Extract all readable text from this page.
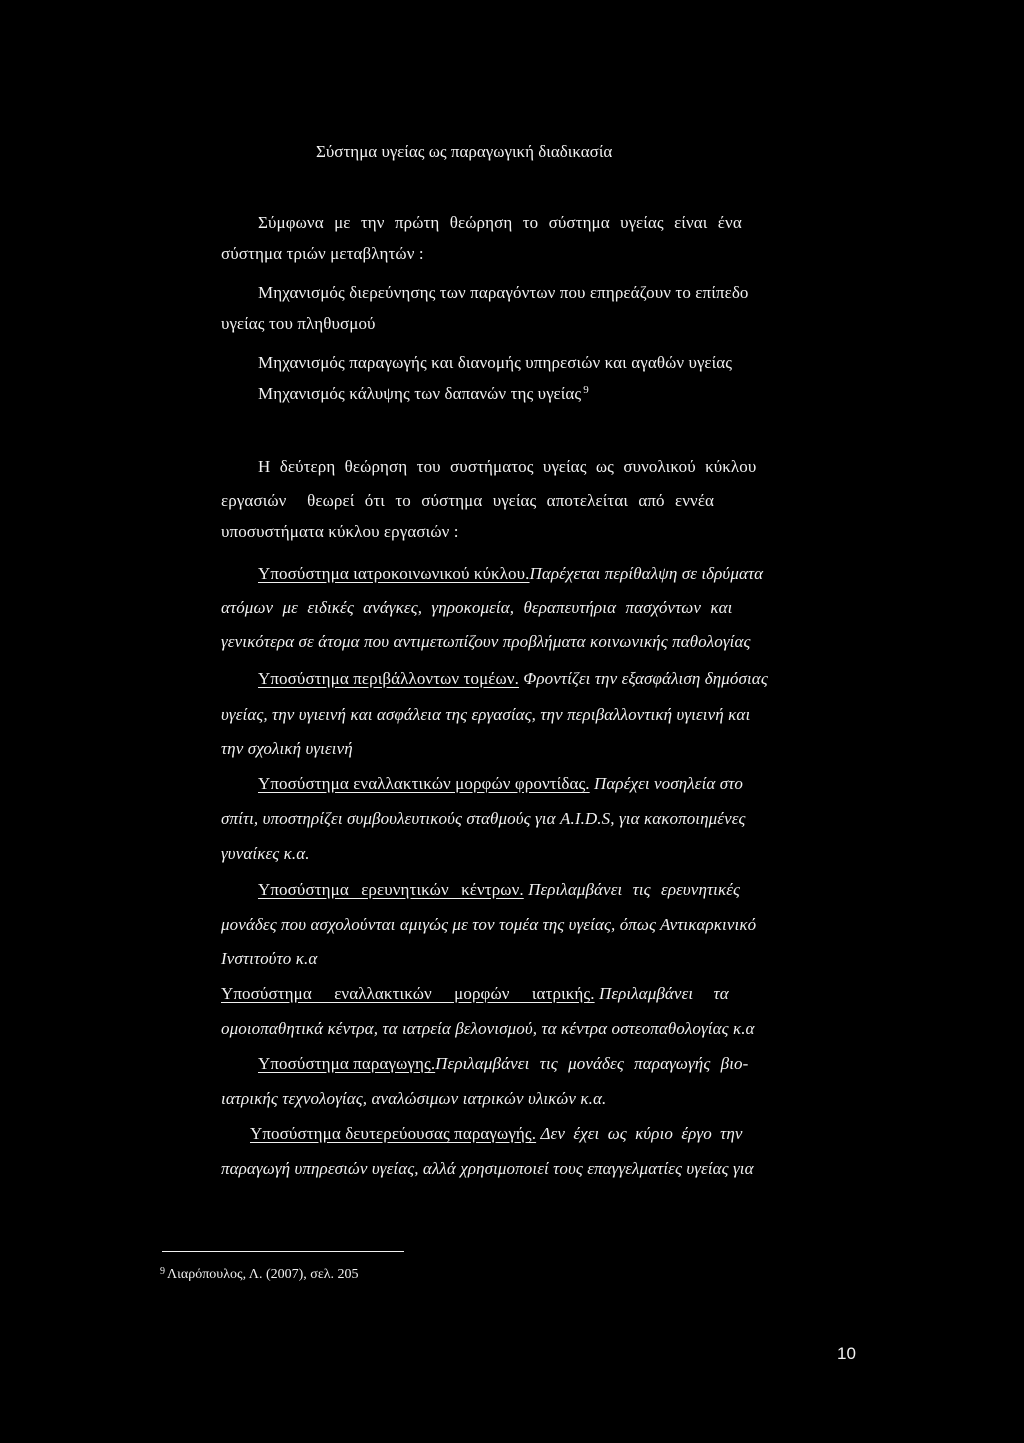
Σύστημα υγείας ως παραγωγική διαδικασία
Σύμφωνα με την πρώτη θεώρηση το σύστημα υγείας είναι ένα
σύστημα τριών μεταβλητών :
Μηχανισμός διερεύνησης των παραγόντων που επηρεάζουν το επίπεδο
υγείας του πληθυσμού
Μηχανισμός παραγωγής και διανομής υπηρεσιών και αγαθών υγείας
Μηχανισμός κάλυψης των δαπανών της υγείας $^9$
Η δεύτερη θεώρηση του συστήματος υγείας ως συνολικού κύκλου
εργασιών  θεωρεί ότι το σύστημα υγείας αποτελείται από εννέα
υποσυστήματα κύκλου εργασιών :
Υποσύστημα ιατροκοινωνικού κύκλου.Παρέχεται περίθαλψη σε ιδρύματα
ατόμων με ειδικές ανάγκες, γηροκομεία, θεραπευτήρια πασχόντων και
γενικότερα σε άτομα που αντιμετωπίζουν προβλήματα κοινωνικής παθολογίας
Υποσύστημα περιβάλλοντων τομέων. Φροντίζει την εξασφάλιση δημόσιας
υγείας, την υγιεινή και ασφάλεια της εργασίας, την περιβαλλοντική υγιεινή και
την σχολική υγιεινή
Υποσύστημα εναλλακτικών μορφών φροντίδας. Παρέχει νοσηλεία στο
σπίτι, υποστηρίζει συμβουλευτικούς σταθμούς για A.I.D.S, για κακοποιημένες
γυναίκες κ.α.
Υποσύστημα ερευνητικών κέντρων. Περιλαμβάνει τις ερευνητικές
μονάδες που ασχολούνται αμιγώς με τον τομέα της υγείας, όπως Αντικαρκινικό
Ινστιτούτο κ.α
Υποσύστημα εναλλακτικών μορφών ιατρικής. Περιλαμβάνει τα
ομοιοπαθητικά κέντρα, τα ιατρεία βελονισμού, τα κέντρα οστεοπαθολογίας κ.α
Υποσύστημα παραγωγης.Περιλαμβάνει τις μονάδες παραγωγής βιο-
ιατρικής τεχνολογίας, αναλώσιμων ιατρικών υλικών κ.α.
Υποσύστημα δευτερεύουσας παραγωγής. Δεν έχει ως κύριο έργο την
παραγωγή υπηρεσιών υγείας, αλλά χρησιμοποιεί τους επαγγελματίες υγείας για
$^9$ Λιαρόπουλος, Λ. (2007), σελ. 205
10
